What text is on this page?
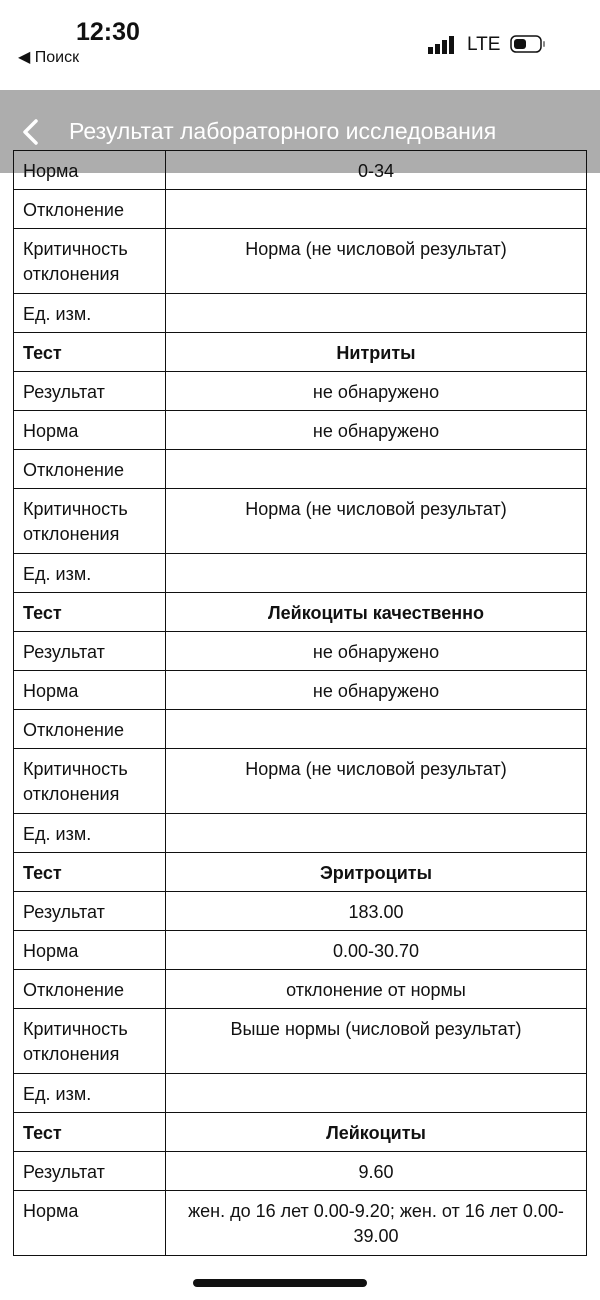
12:30
◀ Поиск
LTE
Результат лабораторного исследования
Норма	0-34
Отклонение	
Критичность отклонения	Норма (не числовой результат)
Ед. изм.	
Тест	Нитриты
Результат	не обнаружено
Норма	не обнаружено
Отклонение	
Критичность отклонения	Норма (не числовой результат)
Ед. изм.	
Тест	Лейкоциты качественно
Результат	не обнаружено
Норма	не обнаружено
Отклонение	
Критичность отклонения	Норма (не числовой результат)
Ед. изм.	
Тест	Эритроциты
Результат	183.00
Норма	0.00-30.70
Отклонение	отклонение от нормы
Критичность отклонения	Выше нормы (числовой результат)
Ед. изм.	
Тест	Лейкоциты
Результат	9.60
Норма	жен. до 16 лет 0.00-9.20; жен. от 16 лет 0.00-39.00
